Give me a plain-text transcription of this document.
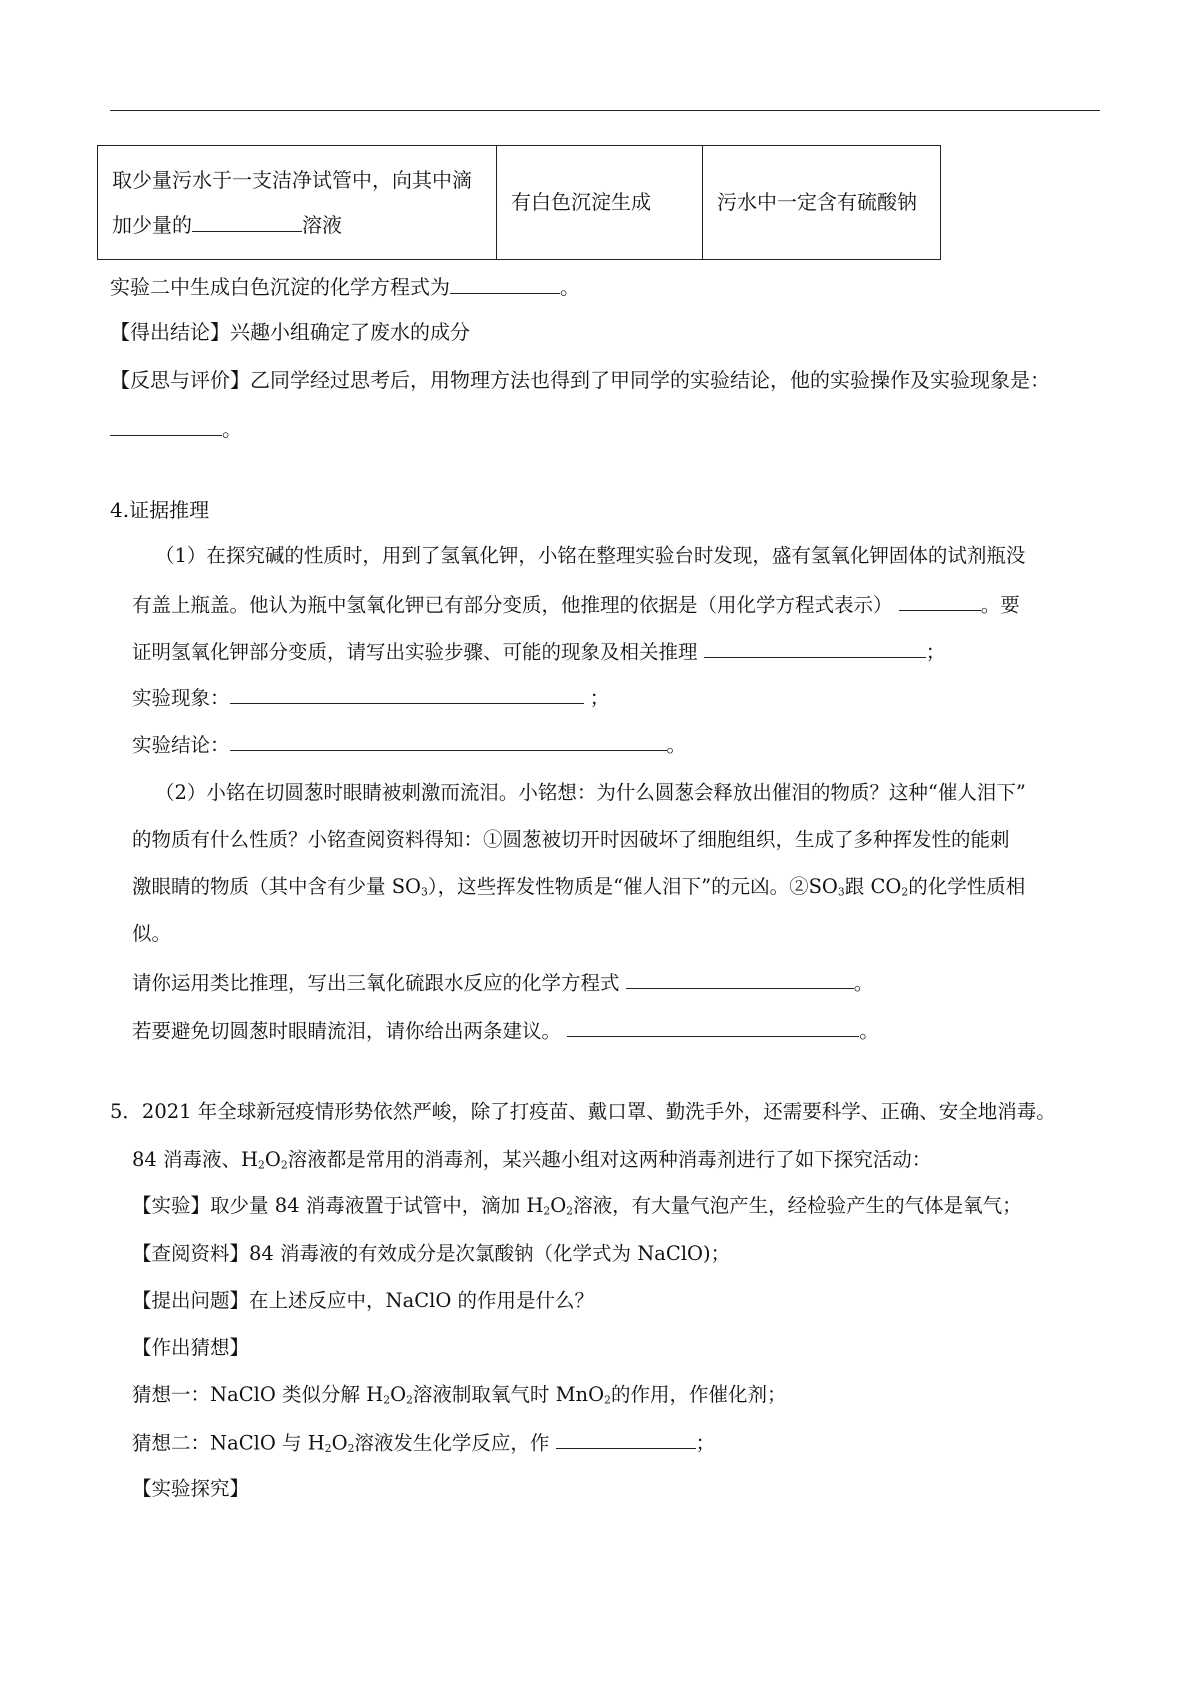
取少量污水于一支洁净试管中，向其中滴
加少量的	溶液
	有白色沉淀生成	污水中一定含有硫酸钠
实验二中生成白色沉淀的化学方程式为	。
【得出结论】兴趣小组确定了废水的成分
【反思与评价】乙同学经过思考后，用物理方法也得到了甲同学的实验结论，他的实验操作及实验现象是：
。
4.证据推理
（1）在探究碱的性质时，用到了氢氧化钾，小铭在整理实验台时发现，盛有氢氧化钾固体的试剂瓶没
有盖上瓶盖。他认为瓶中氢氧化钾已有部分变质，他推理的依据是（用化学方程式表示）	。要
证明氢氧化钾部分变质，请写出实验步骤、可能的现象及相关推理	；
实验现象：	；
实验结论：	。
（2）小铭在切圆葱时眼睛被刺激而流泪。小铭想：为什么圆葱会释放出催泪的物质？这种“催人泪下”
的物质有什么性质？小铭查阅资料得知：①圆葱被切开时因破坏了细胞组织，生成了多种挥发性的能刺
激眼睛的物质（其中含有少量 $SO_3$），这些挥发性物质是“催人泪下”的元凶。$②SO_3$跟 $CO_2$的化学性质相
似。
请你运用类比推理，写出三氧化硫跟水反应的化学方程式	。
若要避免切圆葱时眼睛流泪，请你给出两条建议。	。
5．2021 年全球新冠疫情形势依然严峻，除了打疫苗、戴口罩、勤洗手外，还需要科学、正确、安全地消毒。
84 消毒液、$H_2O_2$溶液都是常用的消毒剂，某兴趣小组对这两种消毒剂进行了如下探究活动：
【实验】取少量 84 消毒液置于试管中，滴加 $H_2O_2$溶液，有大量气泡产生，经检验产生的气体是氧气；
【查阅资料】84 消毒液的有效成分是次氯酸钠（化学式为 NaClO)；
【提出问题】在上述反应中，NaClO 的作用是什么？
【作出猜想】
猜想一：NaClO 类似分解 $H_2O_2$溶液制取氧气时 MnO$_2$的作用，作催化剂；
猜想二：NaClO 与 $H_2O_2$溶液发生化学反应，作	；
【实验探究】
